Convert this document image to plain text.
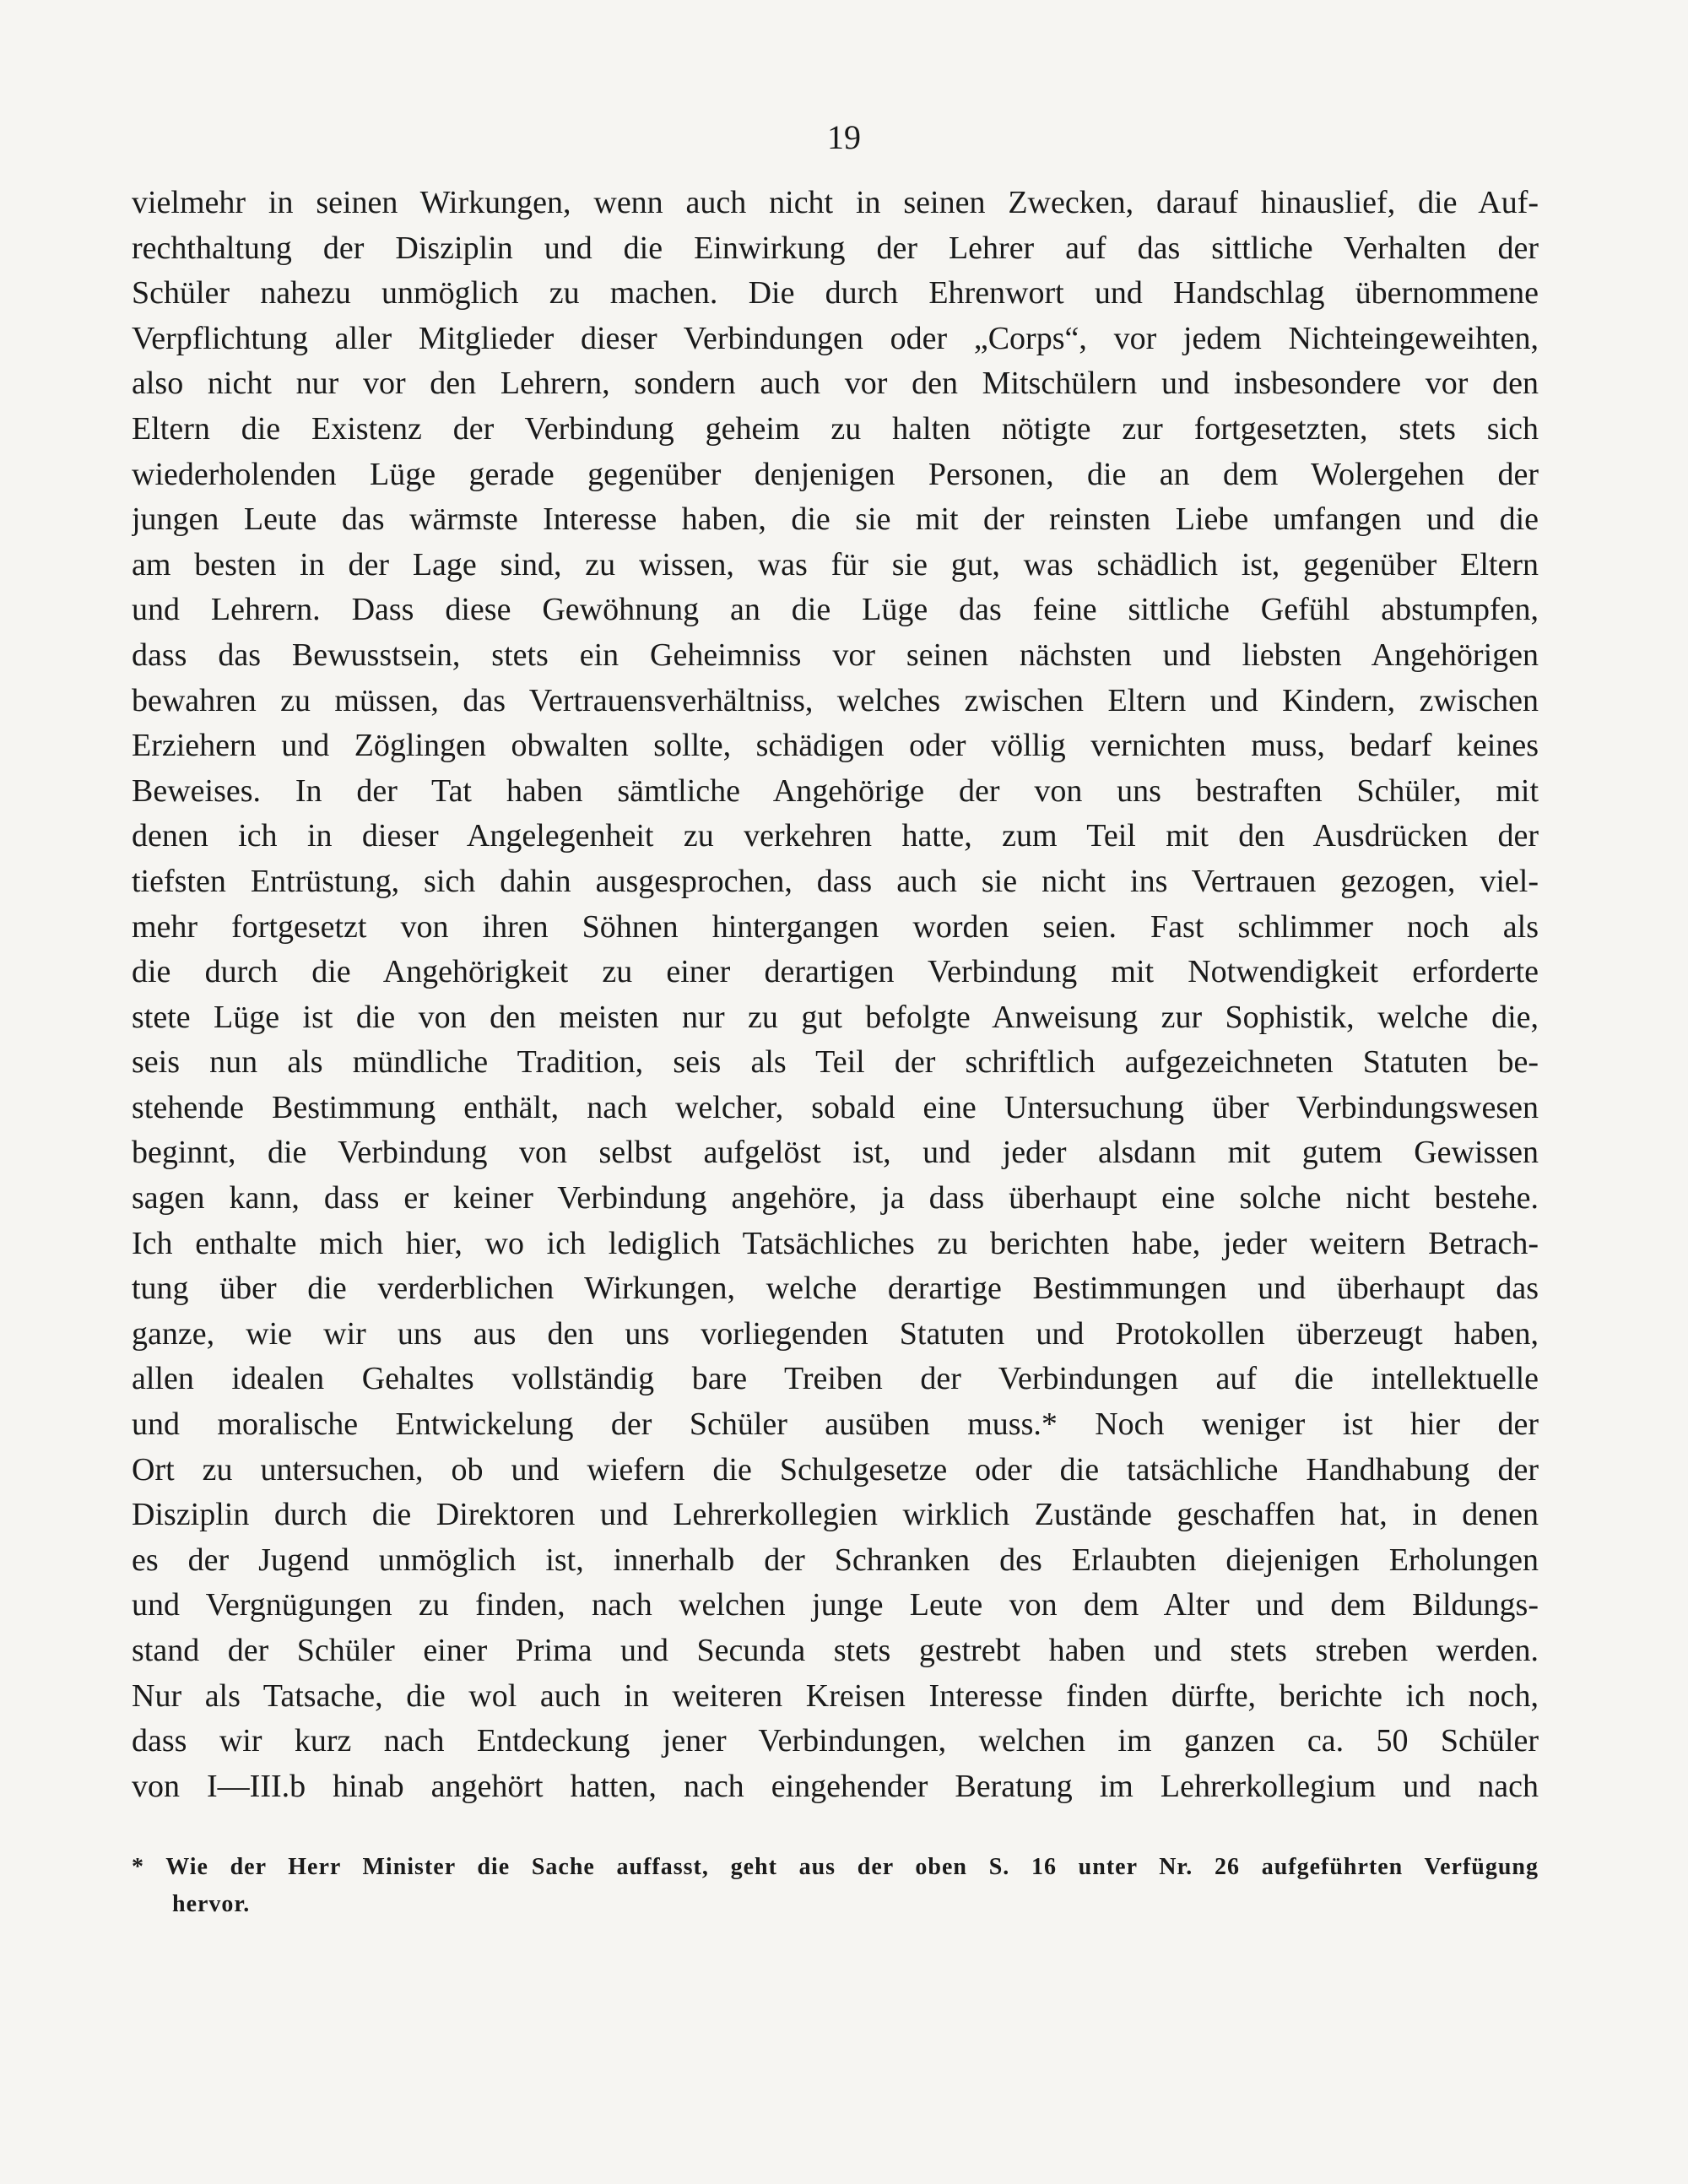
19
vielmehr in seinen Wirkungen, wenn auch nicht in seinen Zwecken, darauf hinauslief, die Auf-
rechthaltung der Disziplin und die Einwirkung der Lehrer auf das sittliche Verhalten der
Schüler nahezu unmöglich zu machen. Die durch Ehrenwort und Handschlag übernommene
Verpflichtung aller Mitglieder dieser Verbindungen oder „Corps“, vor jedem Nichteingeweihten,
also nicht nur vor den Lehrern, sondern auch vor den Mitschülern und insbesondere vor den
Eltern die Existenz der Verbindung geheim zu halten nötigte zur fortgesetzten, stets sich
wiederholenden Lüge gerade gegenüber denjenigen Personen, die an dem Wolergehen der
jungen Leute das wärmste Interesse haben, die sie mit der reinsten Liebe umfangen und die
am besten in der Lage sind, zu wissen, was für sie gut, was schädlich ist, gegenüber Eltern
und Lehrern. Dass diese Gewöhnung an die Lüge das feine sittliche Gefühl abstumpfen,
dass das Bewusstsein, stets ein Geheimniss vor seinen nächsten und liebsten Angehörigen
bewahren zu müssen, das Vertrauensverhältniss, welches zwischen Eltern und Kindern, zwischen
Erziehern und Zöglingen obwalten sollte, schädigen oder völlig vernichten muss, bedarf keines
Beweises. In der Tat haben sämtliche Angehörige der von uns bestraften Schüler, mit
denen ich in dieser Angelegenheit zu verkehren hatte, zum Teil mit den Ausdrücken der
tiefsten Entrüstung, sich dahin ausgesprochen, dass auch sie nicht ins Vertrauen gezogen, viel-
mehr fortgesetzt von ihren Söhnen hintergangen worden seien. Fast schlimmer noch als
die durch die Angehörigkeit zu einer derartigen Verbindung mit Notwendigkeit erforderte
stete Lüge ist die von den meisten nur zu gut befolgte Anweisung zur Sophistik, welche die,
seis nun als mündliche Tradition, seis als Teil der schriftlich aufgezeichneten Statuten be-
stehende Bestimmung enthält, nach welcher, sobald eine Untersuchung über Verbindungswesen
beginnt, die Verbindung von selbst aufgelöst ist, und jeder alsdann mit gutem Gewissen
sagen kann, dass er keiner Verbindung angehöre, ja dass überhaupt eine solche nicht bestehe.
Ich enthalte mich hier, wo ich lediglich Tatsächliches zu berichten habe, jeder weitern Betrach-
tung über die verderblichen Wirkungen, welche derartige Bestimmungen und überhaupt das
ganze, wie wir uns aus den uns vorliegenden Statuten und Protokollen überzeugt haben,
allen idealen Gehaltes vollständig bare Treiben der Verbindungen auf die intellektuelle
und moralische Entwickelung der Schüler ausüben muss.* Noch weniger ist hier der
Ort zu untersuchen, ob und wiefern die Schulgesetze oder die tatsächliche Handhabung der
Disziplin durch die Direktoren und Lehrerkollegien wirklich Zustände geschaffen hat, in denen
es der Jugend unmöglich ist, innerhalb der Schranken des Erlaubten diejenigen Erholungen
und Vergnügungen zu finden, nach welchen junge Leute von dem Alter und dem Bildungs-
stand der Schüler einer Prima und Secunda stets gestrebt haben und stets streben werden.
Nur als Tatsache, die wol auch in weiteren Kreisen Interesse finden dürfte, berichte ich noch,
dass wir kurz nach Entdeckung jener Verbindungen, welchen im ganzen ca. 50 Schüler
von I—III.b hinab angehört hatten, nach eingehender Beratung im Lehrerkollegium und nach
* Wie der Herr Minister die Sache auffasst, geht aus der oben S. 16 unter Nr. 26 aufgeführten Verfügung
hervor.
